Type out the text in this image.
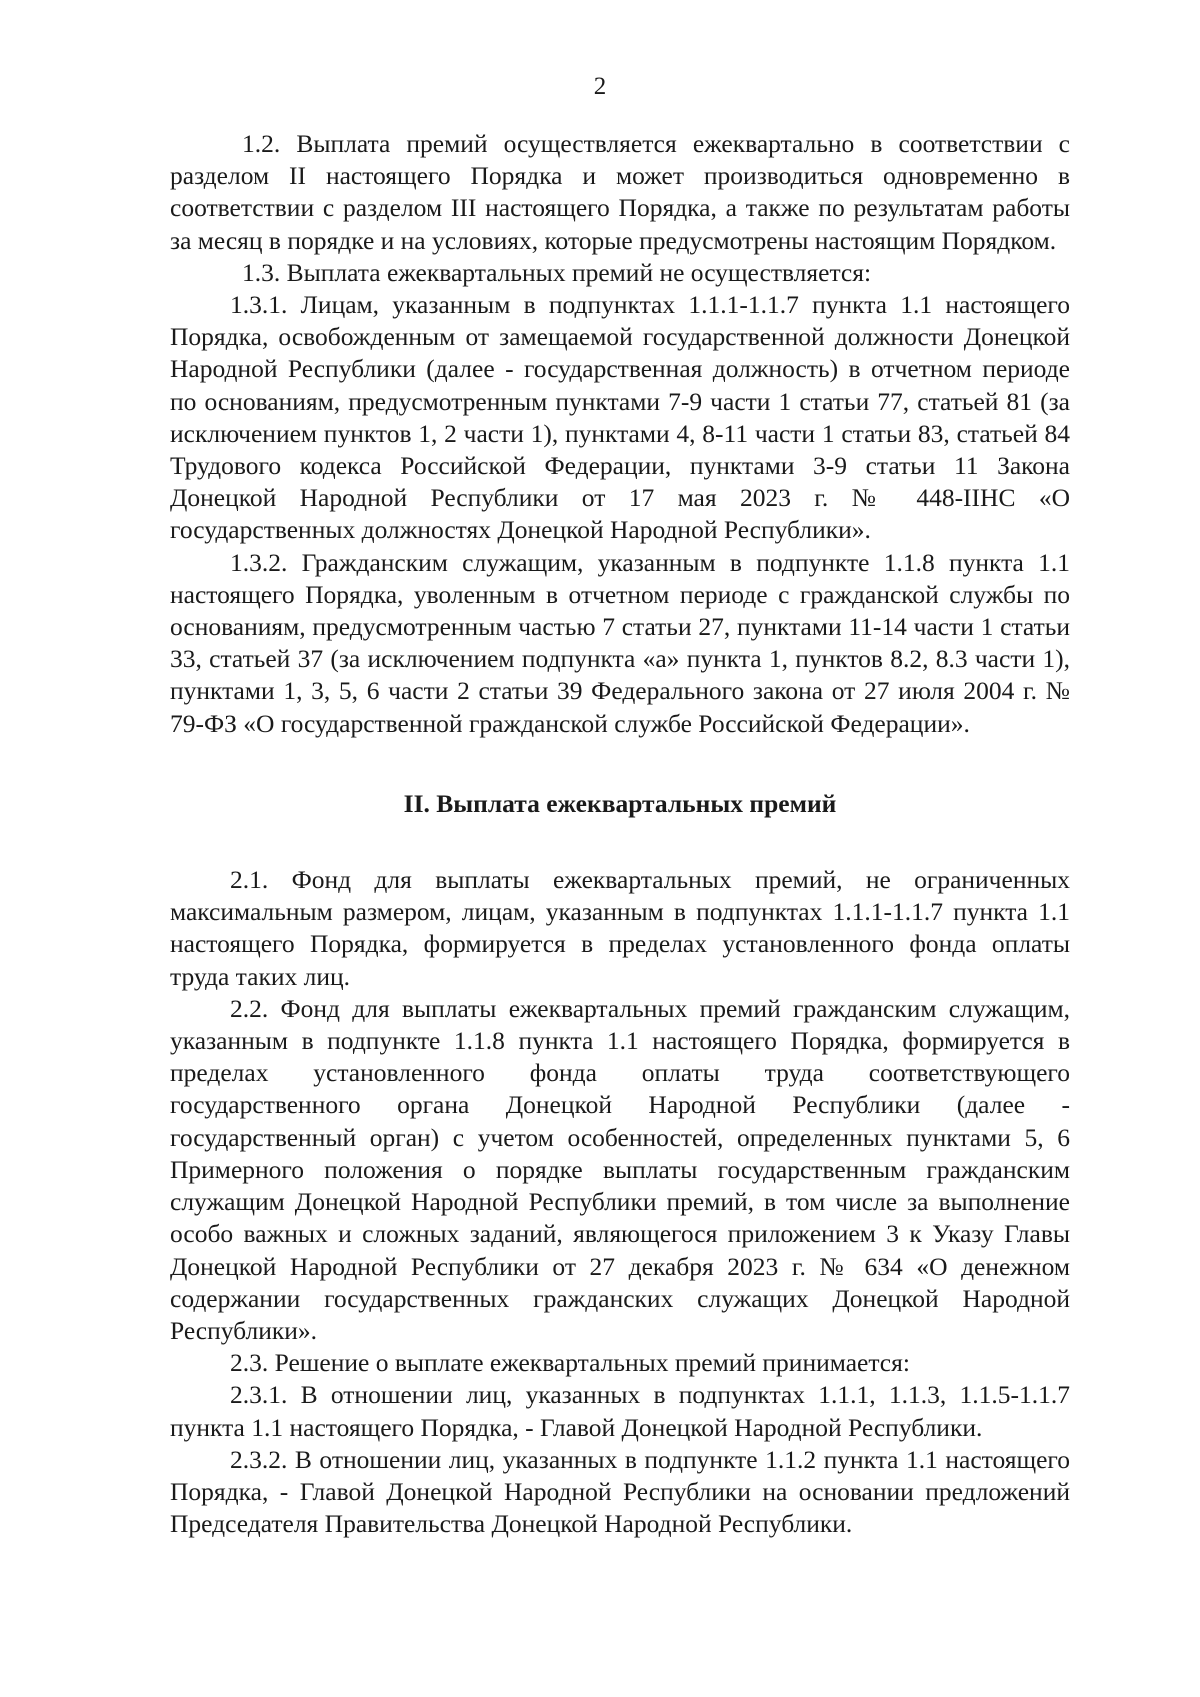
2

1.2. Выплата премий осуществляется ежеквартально в соответствии с разделом II настоящего Порядка и может производиться одновременно в соответствии с разделом III настоящего Порядка, а также по результатам работы за месяц в порядке и на условиях, которые предусмотрены настоящим Порядком.

1.3. Выплата ежеквартальных премий не осуществляется:

1.3.1. Лицам, указанным в подпунктах 1.1.1-1.1.7 пункта 1.1 настоящего Порядка, освобожденным от замещаемой государственной должности Донецкой Народной Республики (далее - государственная должность) в отчетном периоде по основаниям, предусмотренным пунктами 7-9 части 1 статьи 77, статьей 81 (за исключением пунктов 1, 2 части 1), пунктами 4, 8-11 части 1 статьи 83, статьей 84 Трудового кодекса Российской Федерации, пунктами 3-9 статьи 11 Закона Донецкой Народной Республики от 17 мая 2023 г. № 448-IIНС «О государственных должностях Донецкой Народной Республики».

1.3.2. Гражданским служащим, указанным в подпункте 1.1.8 пункта 1.1 настоящего Порядка, уволенным в отчетном периоде с гражданской службы по основаниям, предусмотренным частью 7 статьи 27, пунктами 11-14 части 1 статьи 33, статьей 37 (за исключением подпункта «а» пункта 1, пунктов 8.2, 8.3 части 1), пунктами 1, 3, 5, 6 части 2 статьи 39 Федерального закона от 27 июля 2004 г. № 79-ФЗ «О государственной гражданской службе Российской Федерации».

II. Выплата ежеквартальных премий

2.1. Фонд для выплаты ежеквартальных премий, не ограниченных максимальным размером, лицам, указанным в подпунктах 1.1.1-1.1.7 пункта 1.1 настоящего Порядка, формируется в пределах установленного фонда оплаты труда таких лиц.

2.2. Фонд для выплаты ежеквартальных премий гражданским служащим, указанным в подпункте 1.1.8 пункта 1.1 настоящего Порядка, формируется в пределах установленного фонда оплаты труда соответствующего государственного органа Донецкой Народной Республики (далее - государственный орган) с учетом особенностей, определенных пунктами 5, 6 Примерного положения о порядке выплаты государственным гражданским служащим Донецкой Народной Республики премий, в том числе за выполнение особо важных и сложных заданий, являющегося приложением 3 к Указу Главы Донецкой Народной Республики от 27 декабря 2023 г. № 634 «О денежном содержании государственных гражданских служащих Донецкой Народной Республики».

2.3. Решение о выплате ежеквартальных премий принимается:

2.3.1. В отношении лиц, указанных в подпунктах 1.1.1, 1.1.3, 1.1.5-1.1.7 пункта 1.1 настоящего Порядка, - Главой Донецкой Народной Республики.

2.3.2. В отношении лиц, указанных в подпункте 1.1.2 пункта 1.1 настоящего Порядка, - Главой Донецкой Народной Республики на основании предложений Председателя Правительства Донецкой Народной Республики.
